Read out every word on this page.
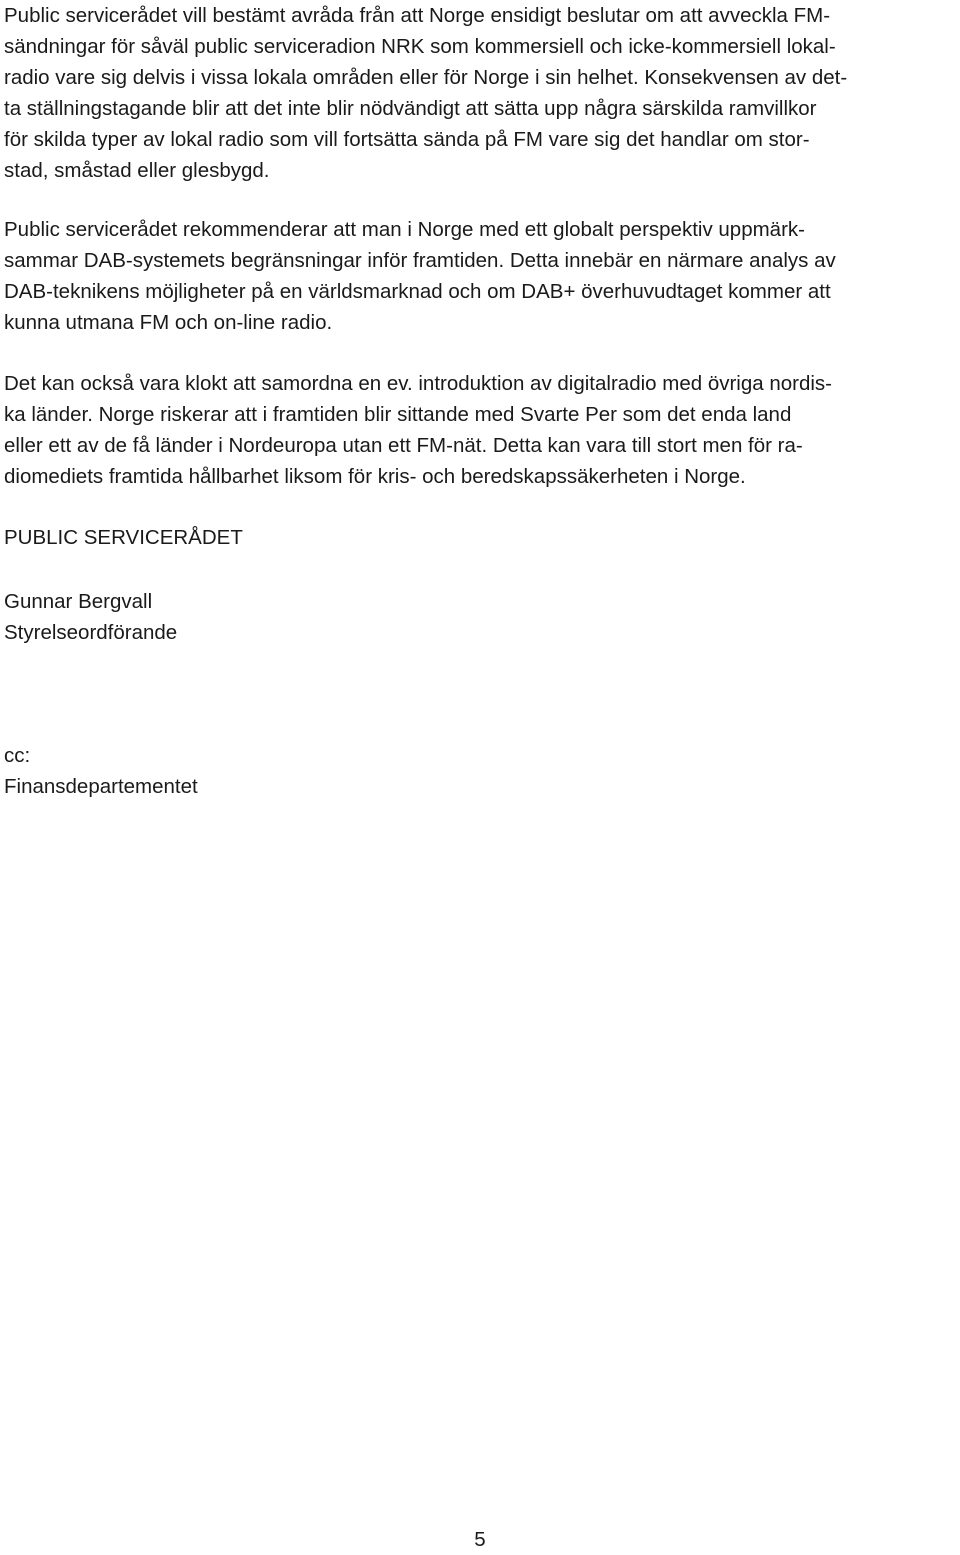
Public servicerådet vill bestämt avråda från att Norge ensidigt beslutar om att avveckla FM-
sändningar för såväl public serviceradion NRK som kommersiell och icke-kommersiell lokal-
radio vare sig delvis i vissa lokala områden eller för Norge i sin helhet. Konsekvensen av det-
ta ställningstagande blir att det inte blir nödvändigt att sätta upp några särskilda ramvillkor
för skilda typer av lokal radio som vill fortsätta sända på FM vare sig det handlar om stor-
stad, småstad eller glesbygd.
Public servicerådet rekommenderar att man i Norge med ett globalt perspektiv uppmärk-
sammar DAB-systemets begränsningar inför framtiden. Detta innebär en närmare analys av
DAB-teknikens möjligheter på en världsmarknad och om DAB+ överhuvudtaget kommer att
kunna utmana FM och on-line radio.
Det kan också vara klokt att samordna en ev. introduktion av digitalradio med övriga nordis-
ka länder. Norge riskerar att i framtiden blir sittande med Svarte Per som det enda land
eller ett av de få länder i Nordeuropa utan ett FM-nät. Detta kan vara till stort men för ra-
diomediets framtida hållbarhet liksom för kris- och beredskapssäkerheten i Norge.
PUBLIC SERVICERÅDET
Gunnar Bergvall
Styrelseordförande
cc:
Finansdepartementet
5
